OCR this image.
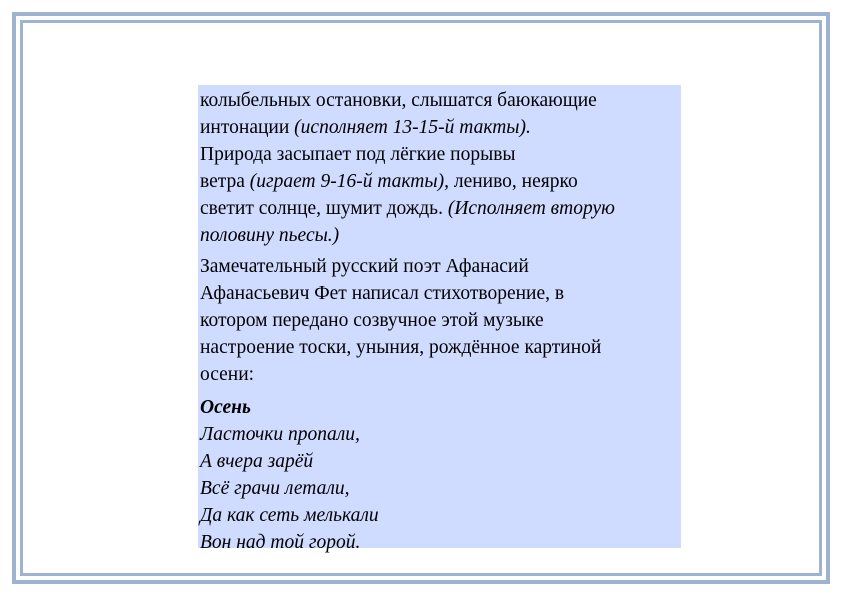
колыбельных остановки, слышатся баюкающие
интонации (исполняет 13-15-й такты).
Природа засыпает под лёгкие порывы
ветра (играет 9-16-й такты), лениво, неярко
светит солнце, шумит дождь. (Исполняет вторую
половину пьесы.)
Замечательный русский поэт Афанасий
Афанасьевич Фет написал стихотворение, в
котором передано созвучное этой музыке
настроение тоски, уныния, рождённое картиной
осени:
Осень
Ласточки пропали,
А вчера зарёй
Всё грачи летали,
Да как сеть мелькали
Вон над той горой.
